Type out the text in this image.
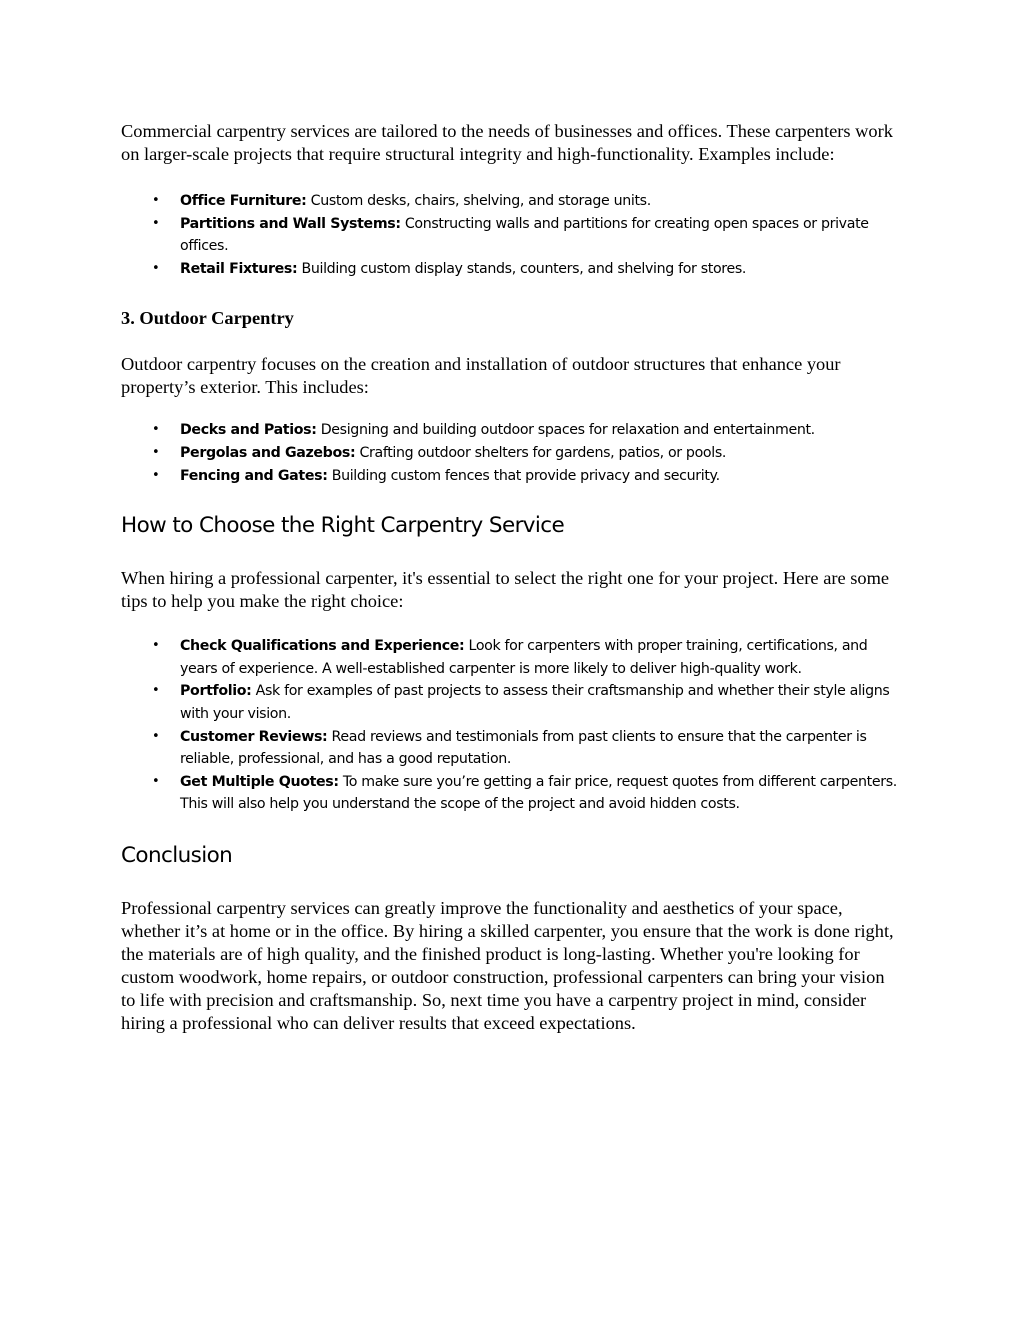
Commercial carpentry services are tailored to the needs of businesses and offices. These carpenters work on larger-scale projects that require structural integrity and high-functionality. Examples include:

• Office Furniture: Custom desks, chairs, shelving, and storage units.
• Partitions and Wall Systems: Constructing walls and partitions for creating open spaces or private offices.
• Retail Fixtures: Building custom display stands, counters, and shelving for stores.
3. Outdoor Carpentry

Outdoor carpentry focuses on the creation and installation of outdoor structures that enhance your property’s exterior. This includes:

• Decks and Patios: Designing and building outdoor spaces for relaxation and entertainment.
• Pergolas and Gazebos: Crafting outdoor shelters for gardens, patios, or pools.
• Fencing and Gates: Building custom fences that provide privacy and security.
How to Choose the Right Carpentry Service

When hiring a professional carpenter, it's essential to select the right one for your project. Here are some tips to help you make the right choice:

• Check Qualifications and Experience: Look for carpenters with proper training, certifications, and years of experience. A well-established carpenter is more likely to deliver high-quality work.
• Portfolio: Ask for examples of past projects to assess their craftsmanship and whether their style aligns with your vision.
• Customer Reviews: Read reviews and testimonials from past clients to ensure that the carpenter is reliable, professional, and has a good reputation.
• Get Multiple Quotes: To make sure you’re getting a fair price, request quotes from different carpenters. This will also help you understand the scope of the project and avoid hidden costs.
Conclusion

Professional carpentry services can greatly improve the functionality and aesthetics of your space, whether it’s at home or in the office. By hiring a skilled carpenter, you ensure that the work is done right, the materials are of high quality, and the finished product is long-lasting. Whether you're looking for custom woodwork, home repairs, or outdoor construction, professional carpenters can bring your vision to life with precision and craftsmanship. So, next time you have a carpentry project in mind, consider hiring a professional who can deliver results that exceed expectations.
